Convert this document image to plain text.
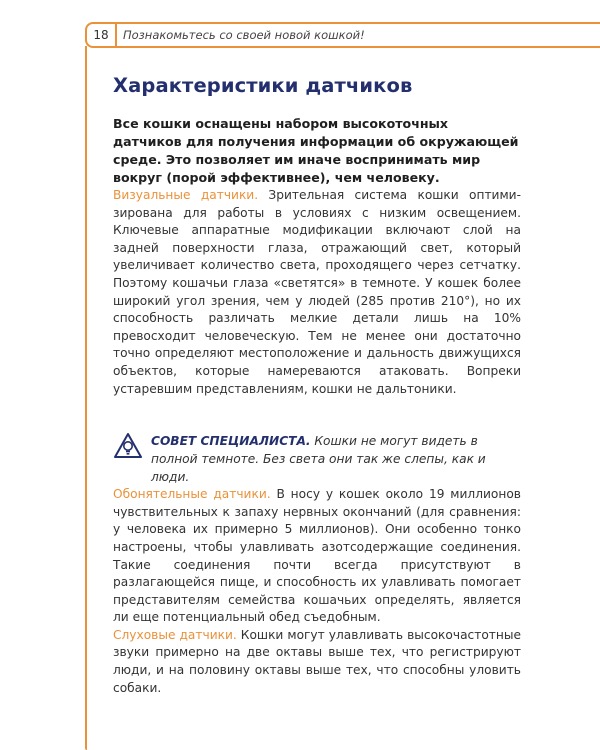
18	Познакомьтесь со своей новой кошкой!
Характеристики датчиков

Все кошки оснащены набором высокоточных датчиков для получения информации об окружающей среде. Это позволяет им иначе воспринимать мир вокруг (порой эффективнее), чем человеку.

Визуальные датчики. Зрительная система кошки оптимизирована для работы в условиях с низким освещением. Ключевые аппаратные модификации включают слой на задней поверхности глаза, отражающий свет, который увеличивает количество света, проходящего через сетчатку. Поэтому кошачьи глаза «светятся» в темноте. У кошек более широкий угол зрения, чем у людей (285 против 210°), но их способность различать мелкие детали лишь на 10% превосходит человеческую. Тем не менее они достаточно точно определяют местоположение и дальность движущихся объектов, которые намереваются атаковать. Вопреки устаревшим представлениям, кошки не дальтоники.

СОВЕТ СПЕЦИАЛИСТА. Кошки не могут видеть в полной темноте. Без света они так же слепы, как и люди.

Обонятельные датчики. В носу у кошек около 19 миллионов чувствительных к запаху нервных окончаний (для сравнения: у человека их примерно 5 миллионов). Они особенно тонко настроены, чтобы улавливать азотсодержащие соединения. Такие соединения почти всегда присутствуют в разлагающейся пище, и способность их улавливать помогает представителям семейства кошачьих определять, является ли еще потенциальный обед съедобным.

Слуховые датчики. Кошки могут улавливать высокочастотные звуки примерно на две октавы выше тех, что регистрируют люди, и на половину октавы выше тех, что способны уловить собаки.
